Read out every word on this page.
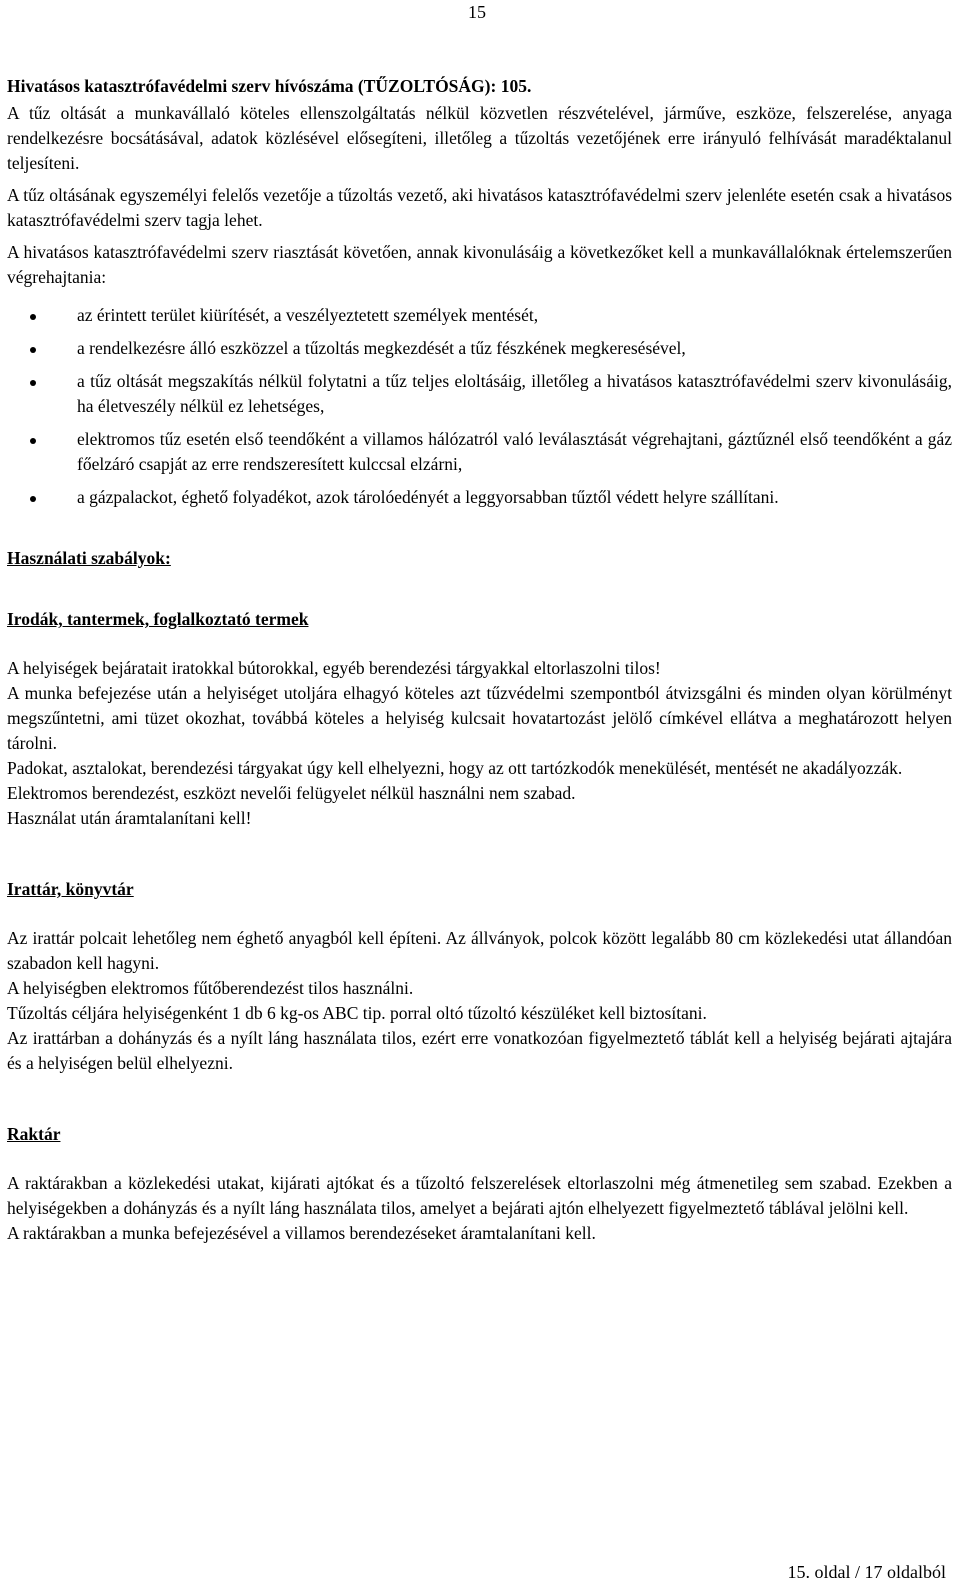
15

Hivatásos katasztrófavédelmi szerv hívószáma (TŰZOLTÓSÁG): 105.

A tűz oltását a munkavállaló köteles ellenszolgáltatás nélkül közvetlen részvételével, járműve, eszköze, felszerelése, anyaga rendelkezésre bocsátásával, adatok közlésével elősegíteni, illetőleg a tűzoltás vezetőjének erre irányuló felhívását maradéktalanul teljesíteni.

A tűz oltásának egyszemélyi felelős vezetője a tűzoltás vezető, aki hivatásos katasztrófavédelmi szerv jelenléte esetén csak a hivatásos katasztrófavédelmi szerv tagja lehet.

A hivatásos katasztrófavédelmi szerv riasztását követően, annak kivonulásáig a következőket kell a munkavállalóknak értelemszerűen végrehajtania:

az érintett terület kiürítését, a veszélyeztetett személyek mentését,
a rendelkezésre álló eszközzel a tűzoltás megkezdését a tűz fészkének megkeresésével,
a tűz oltását megszakítás nélkül folytatni a tűz teljes eloltásáig, illetőleg a hivatásos katasztrófavédelmi szerv kivonulásáig, ha életveszély nélkül ez lehetséges,
elektromos tűz esetén első teendőként a villamos hálózatról való leválasztását végrehajtani, gáztűznél első teendőként a gáz főelzáró csapját az erre rendszeresített kulccsal elzárni,
a gázpalackot, éghető folyadékot, azok tárolóedényét a leggyorsabban tűztől védett helyre szállítani.

Használati szabályok:

Irodák, tantermek, foglalkoztató termek

A helyiségek bejáratait iratokkal bútorokkal, egyéb berendezési tárgyakkal eltorlaszolni tilos!

A munka befejezése után a helyiséget utoljára elhagyó köteles azt tűzvédelmi szempontból átvizsgálni és minden olyan körülményt megszűntetni, ami tüzet okozhat, továbbá köteles a helyiség kulcsait hovatartozást jelölő címkével ellátva a meghatározott helyen tárolni.

Padokat, asztalokat, berendezési tárgyakat úgy kell elhelyezni, hogy az ott tartózkodók menekülését, mentését ne akadályozzák.

Elektromos berendezést, eszközt nevelői felügyelet nélkül használni nem szabad.

Használat után áramtalanítani kell!

Irattár, könyvtár

Az irattár polcait lehetőleg nem éghető anyagból kell építeni. Az állványok, polcok között legalább 80 cm közlekedési utat állandóan szabadon kell hagyni.

A helyiségben elektromos fűtőberendezést tilos használni.

Tűzoltás céljára helyiségenként 1 db 6 kg-os ABC tip. porral oltó tűzoltó készüléket kell biztosítani.

Az irattárban a dohányzás és a nyílt láng használata tilos, ezért erre vonatkozóan figyelmeztető táblát kell a helyiség bejárati ajtajára és a helyiségen belül elhelyezni.

Raktár

A raktárakban a közlekedési utakat, kijárati ajtókat és a tűzoltó felszerelések eltorlaszolni még átmenetileg sem szabad. Ezekben a helyiségekben a dohányzás és a nyílt láng használata tilos, amelyet a bejárati ajtón elhelyezett figyelmeztető táblával jelölni kell.

A raktárakban a munka befejezésével a villamos berendezéseket áramtalanítani kell.

15. oldal / 17 oldalból
